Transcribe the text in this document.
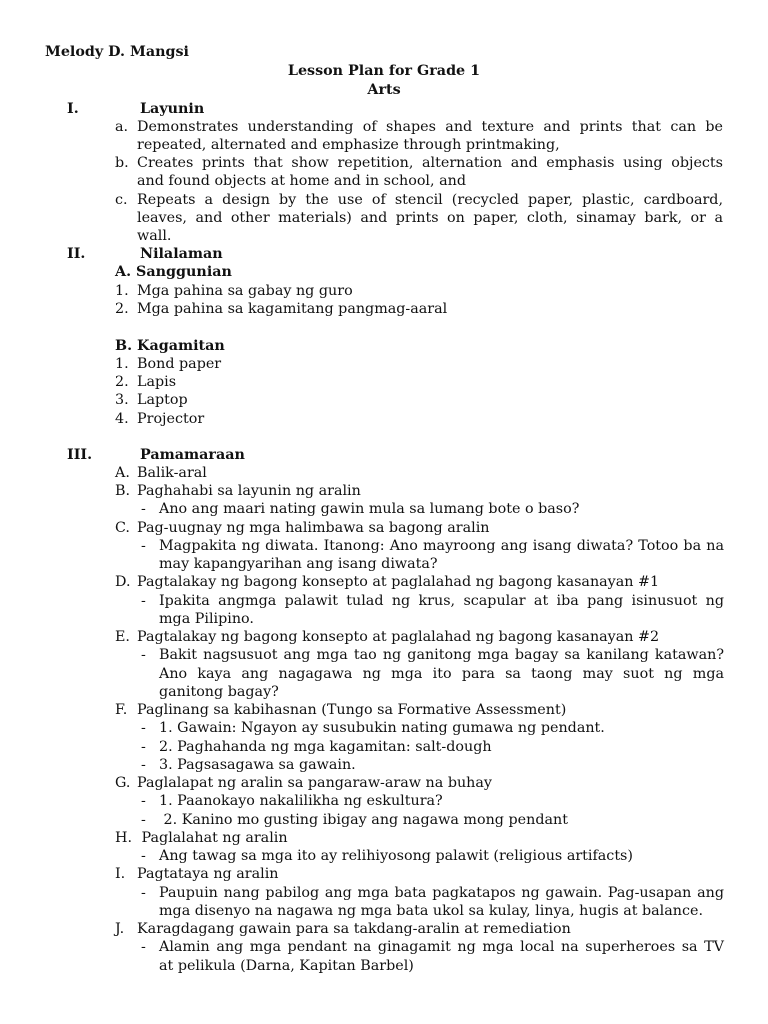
Melody D. Mangsi
Lesson Plan for Grade 1
Arts
I.	Layunin
a. Demonstrates understanding of shapes and texture and prints that can be
repeated, alternated and emphasize through printmaking,
b. Creates prints that show repetition, alternation and emphasis using objects
and found objects at home and in school, and
c. Repeats a design by the use of stencil (recycled paper, plastic, cardboard,
leaves, and other materials) and prints on paper, cloth, sinamay bark, or a
wall.
II.	Nilalaman
A. Sanggunian
1. Mga pahina sa gabay ng guro
2. Mga pahina sa kagamitang pangmag-aaral
B. Kagamitan
1. Bond paper
2. Lapis
3. Laptop
4. Projector
III.	Pamamaraan
A. Balik-aral
B. Paghahabi sa layunin ng aralin
- Ano ang maari nating gawin mula sa lumang bote o baso?
C. Pag-uugnay ng mga halimbawa sa bagong aralin
- Magpakita ng diwata. Itanong: Ano mayroong ang isang diwata? Totoo ba na
may kapangyarihan ang isang diwata?
D. Pagtalakay ng bagong konsepto at paglalahad ng bagong kasanayan #1
- Ipakita angmga palawit tulad ng krus, scapular at iba pang isinusuot ng
mga Pilipino.
E. Pagtalakay ng bagong konsepto at paglalahad ng bagong kasanayan #2
- Bakit nagsusuot ang mga tao ng ganitong mga bagay sa kanilang katawan?
Ano kaya ang nagagawa ng mga ito para sa taong may suot ng mga
ganitong bagay?
F. Paglinang sa kabihasnan (Tungo sa Formative Assessment)
- 1. Gawain: Ngayon ay susubukin nating gumawa ng pendant.
- 2. Paghahanda ng mga kagamitan: salt-dough
- 3. Pagsasagawa sa gawain.
G. Paglalapat ng aralin sa pangaraw-araw na buhay
- 1. Paanokayo nakalilikha ng eskultura?
- 2. Kanino mo gusting ibigay ang nagawa mong pendant
H. Paglalahat ng aralin
- Ang tawag sa mga ito ay relihiyosong palawit (religious artifacts)
I. Pagtataya ng aralin
- Paupuin nang pabilog ang mga bata pagkatapos ng gawain. Pag-usapan ang
mga disenyo na nagawa ng mga bata ukol sa kulay, linya, hugis at balance.
J. Karagdagang gawain para sa takdang-aralin at remediation
- Alamin ang mga pendant na ginagamit ng mga local na superheroes sa TV
at pelikula (Darna, Kapitan Barbel)
